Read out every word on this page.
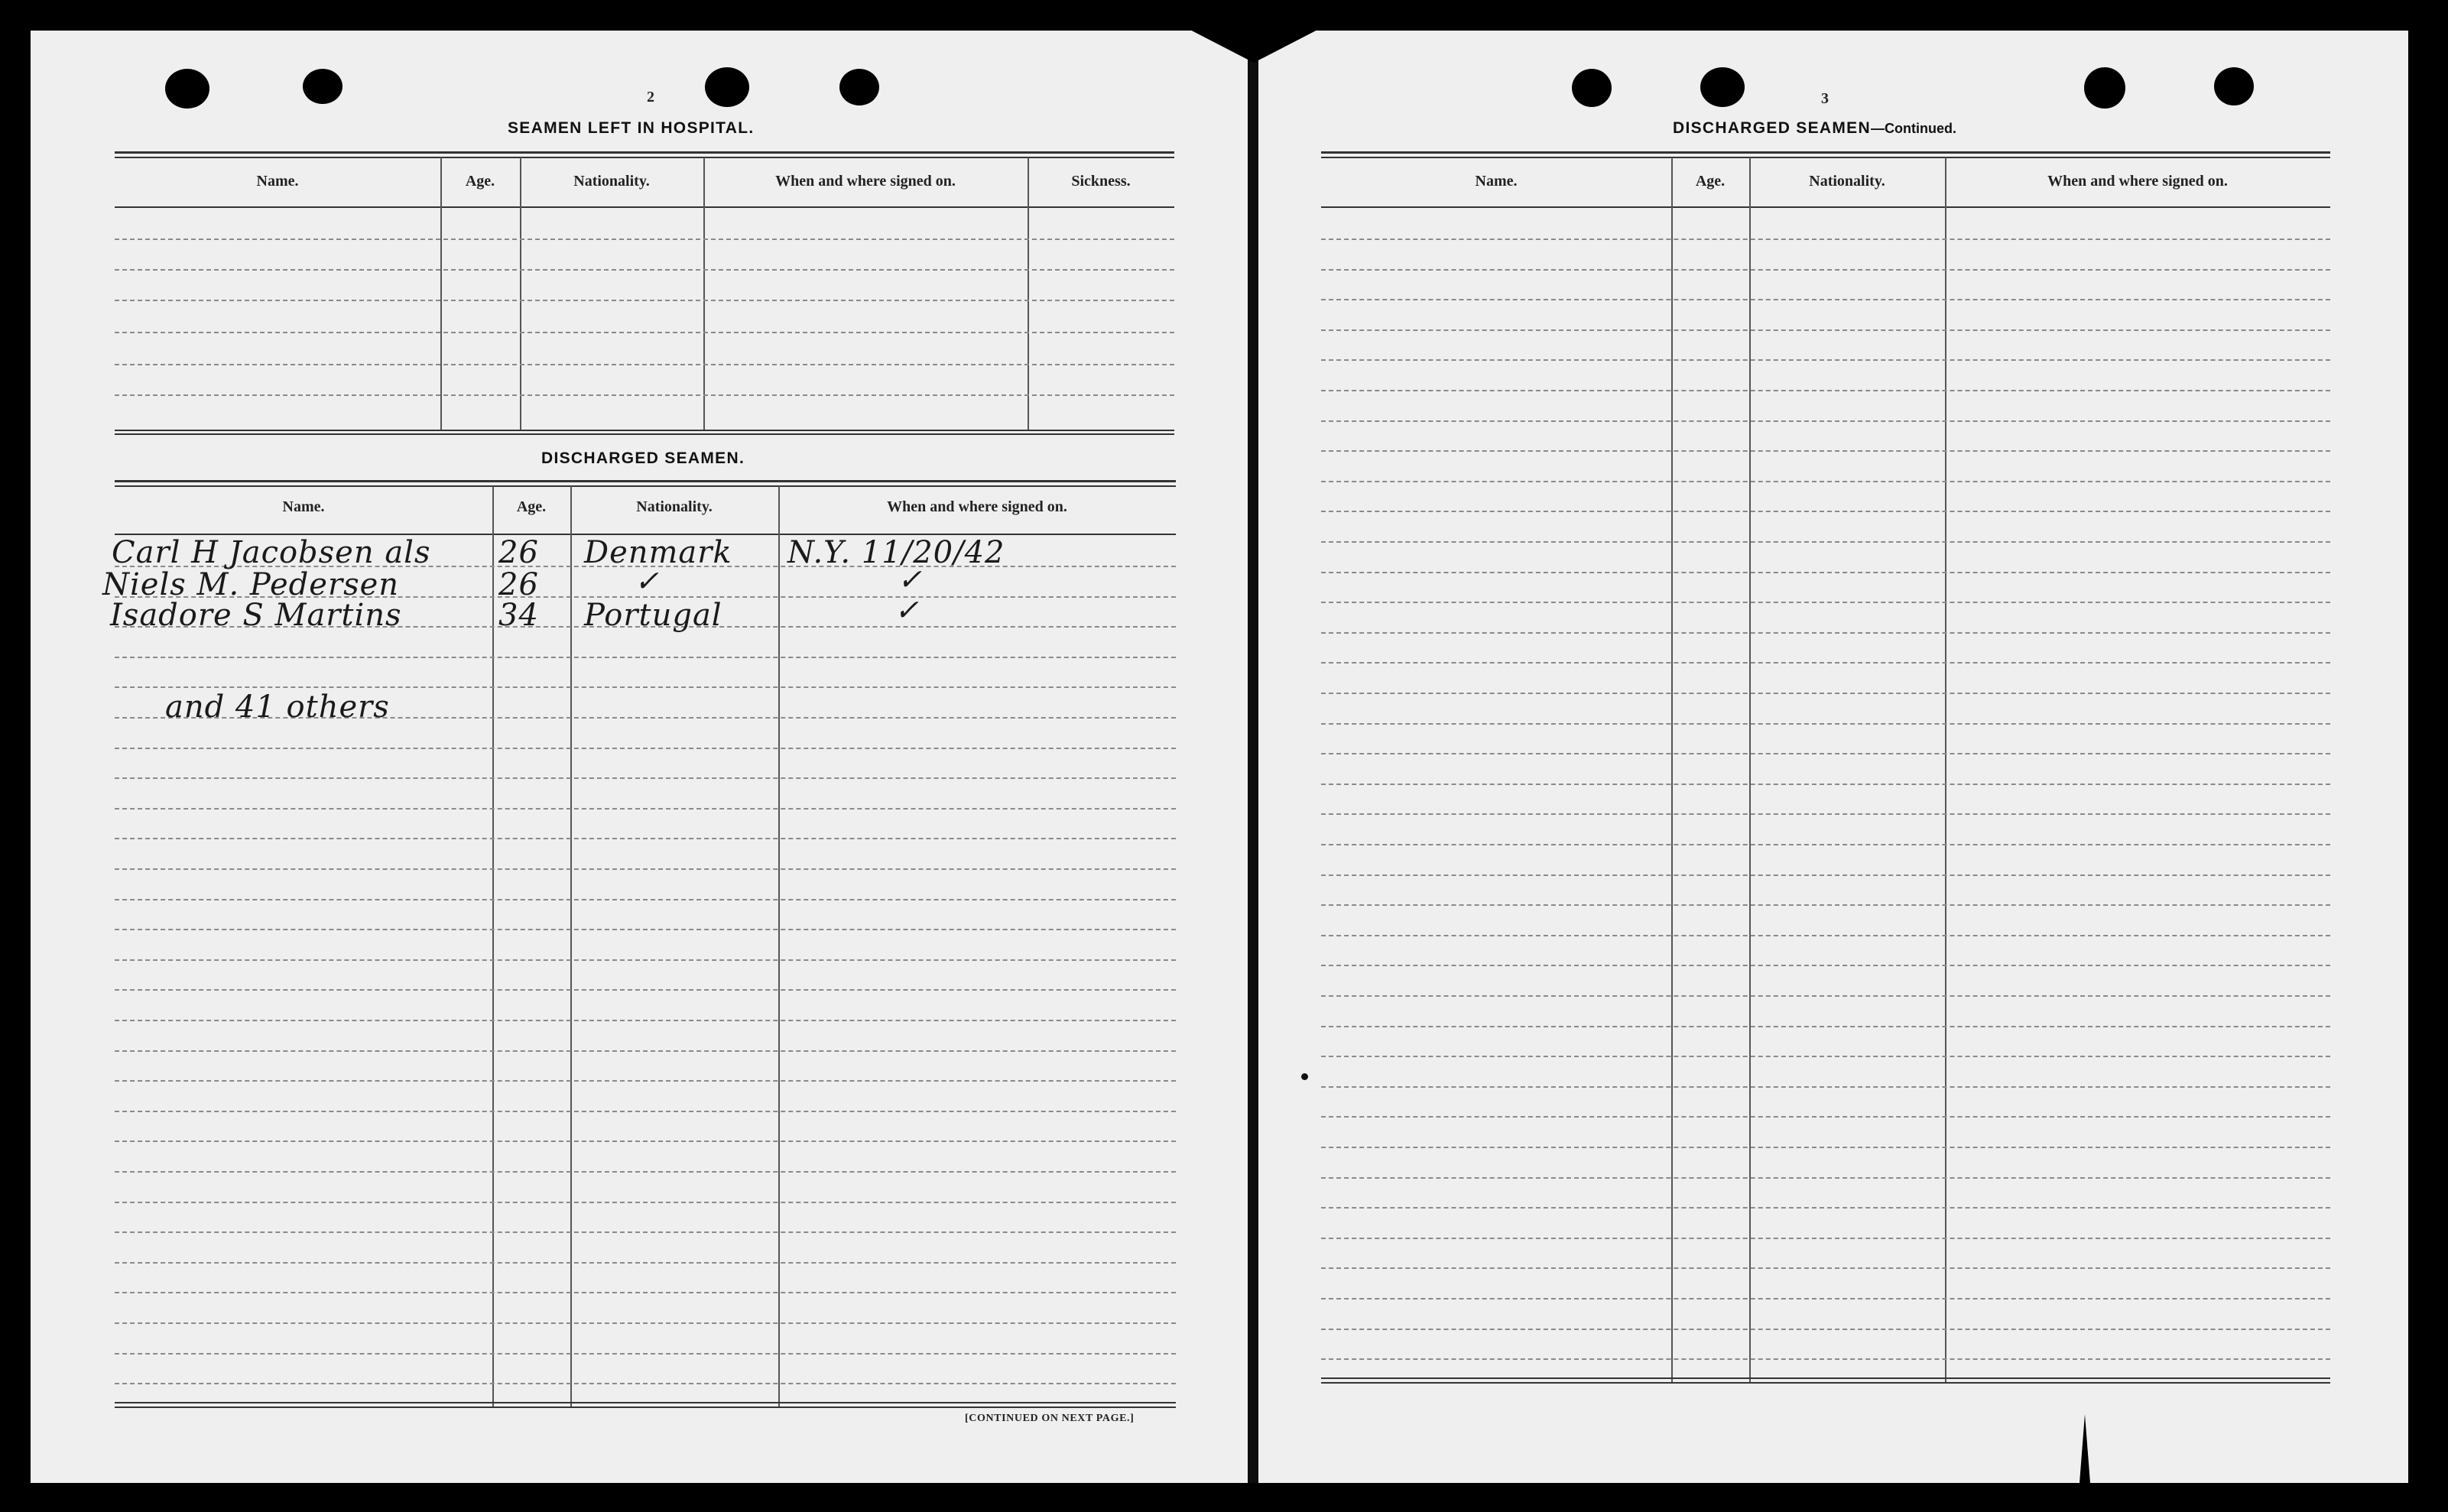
2
SEAMEN LEFT IN HOSPITAL.
Name.	Age.	Nationality.	When and where signed on.	Sickness.
DISCHARGED SEAMEN.
Name.	Age.	Nationality.	When and where signed on.
Carl H Jacobsen als 26 Denmark N.Y. 11/20/42
Niels M. Pedersen	26	✓	✓
Isadore S Martins	34 Portugal	✓
and 41 others
[CONTINUED ON NEXT PAGE.]
3
DISCHARGED SEAMEN—Continued.
Name.	Age.	Nationality.	When and where signed on.
